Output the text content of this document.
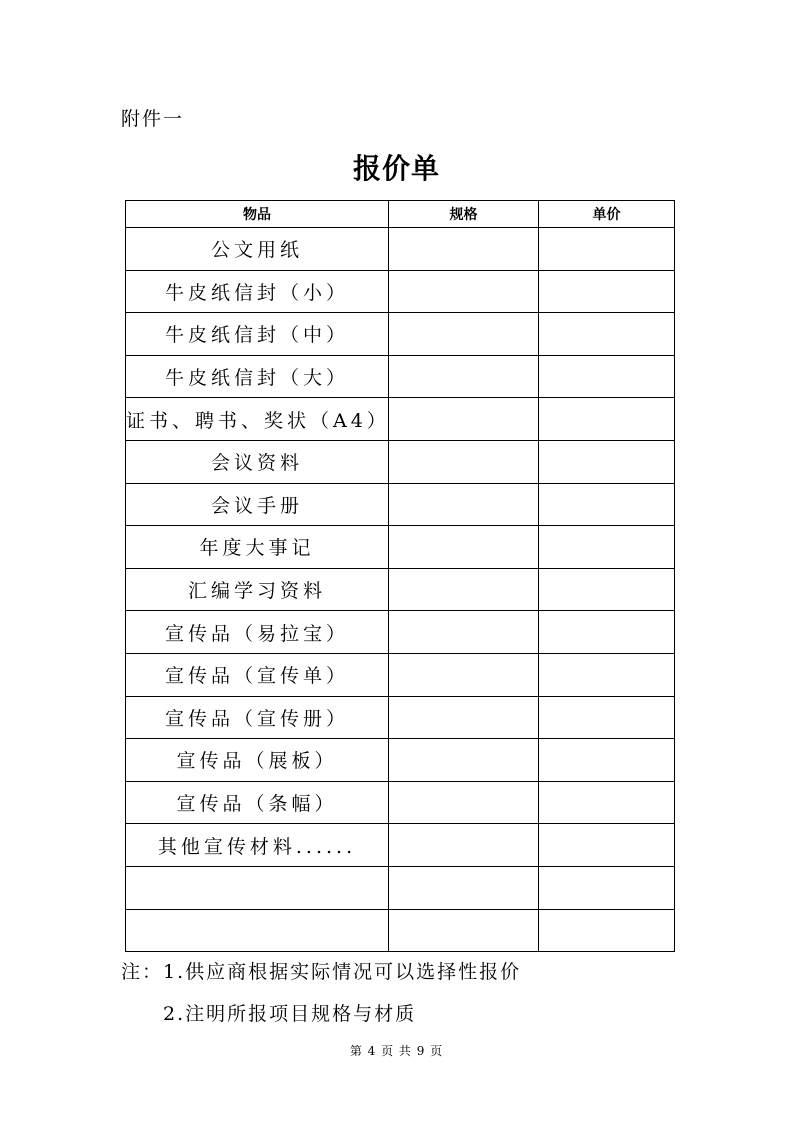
附件一
报价单
物品	规格	单价
公文用纸		
牛皮纸信封（小）		
牛皮纸信封（中）		
牛皮纸信封（大）		
证书、聘书、奖状（A4）		
会议资料		
会议手册		
年度大事记		
汇编学习资料		
宣传品（易拉宝）		
宣传品（宣传单）		
宣传品（宣传册）		
宣传品（展板）		
宣传品（条幅）		
其他宣传材料......		

注：1.供应商根据实际情况可以选择性报价
2.注明所报项目规格与材质
第 4 页 共 9 页
